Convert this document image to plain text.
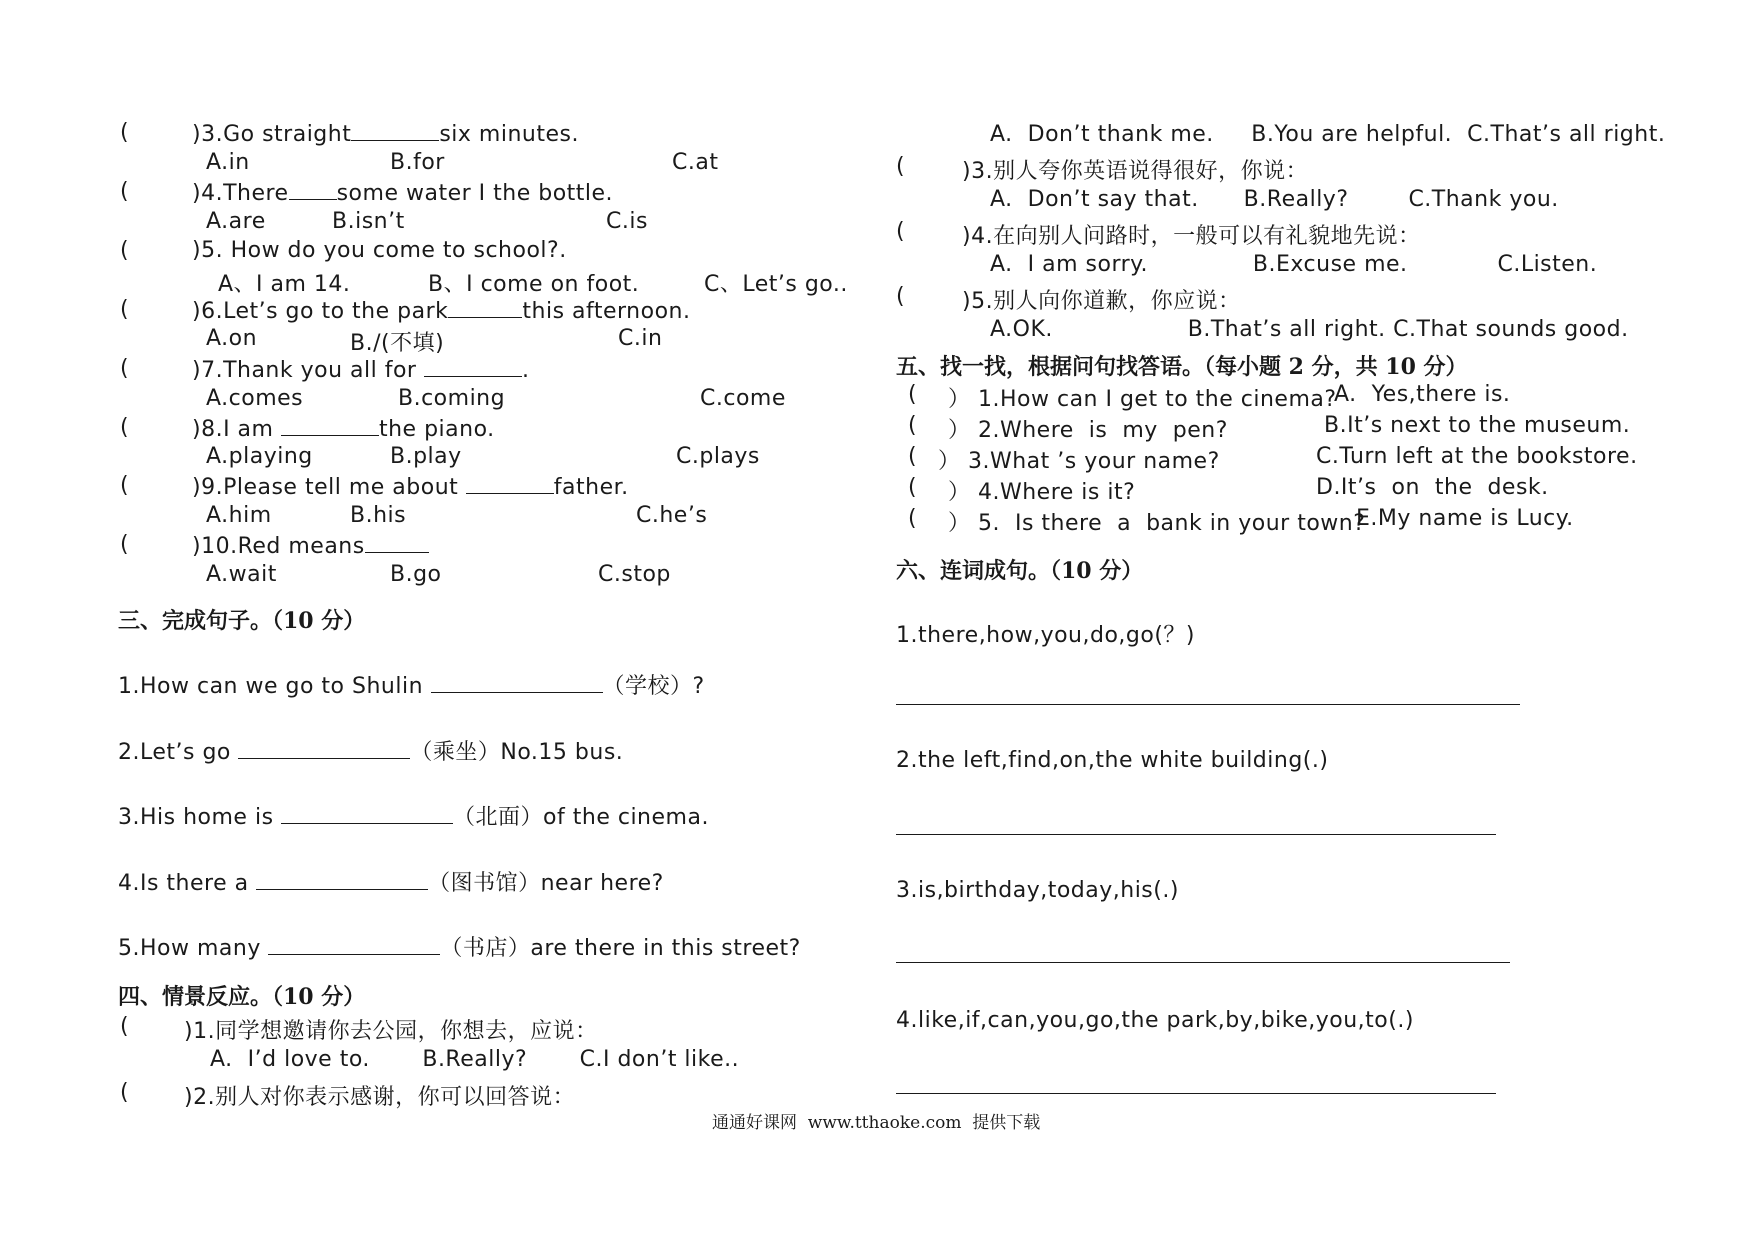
(	)3.Go straight	six minutes.
A.in	B.for	C.at
(	)4.There some water I the bottle.
A.are	B.isn’t	C.is
(	)5. How do you come to school?.
A、I am 14.	B、I come on foot.	C、Let’s go..
(	)6.Let’s go to the park	this afternoon.
A.on	B./(不填)	C.in
(	)7.Thank you all for	.
A.comes	B.coming	C.come
(	)8.I am	the piano.
A.playing	B.play	C.plays
(	)9.Please tell me about	father.
A.him	B.his	C.he’s
(	)10.Red means
A.wait	B.go	C.stop
三、完成句子。（10 分）
1.How can we go to Shulin	（学校）?
2.Let’s go	（乘坐）No.15 bus.
3.His home is	（北面）of the cinema.
4.Is there a	（图书馆）near here?
5.How many	（书店）are there in this street?
四、情景反应。（10 分）
(	)1.同学想邀请你去公园，你想去，应说：
A.  I’d love to.       B.Really?       C.I don’t like..
(	)2.别人对你表示感谢，你可以回答说：
A.  Don’t thank me.     B.You are helpful.  C.That’s all right.
(	)3.别人夸你英语说得很好，你说：
A.  Don’t say that.      B.Really?        C.Thank you.
(	)4.在向别人问路时，一般可以有礼貌地先说：
A.  I am sorry.              B.Excuse me.            C.Listen.
(	)5.别人向你道歉，你应说：
A.OK.                  B.That’s all right. C.That sounds good.
五、找一找，根据问句找答语。（每小题 2 分，共 10 分）
( ） 1.How can I get to the cinema?
A.  Yes,there is.
( ） 2.Where  is  my  pen?	B.It’s next to the museum.
( ） 3.What ’s your name?	C.Turn left at the bookstore.
( ） 4.Where is it?	D.It’s  on  the  desk.
( ） 5.  Is there  a  bank in your town?
E.My name is Lucy.
六、连词成句。（10 分）
1.there,how,you,do,go(？)
2.the left,find,on,the white building(.)
3.is,birthday,today,his(.)
4.like,if,can,you,go,the park,by,bike,you,to(.)
通通好课网  www.tthaoke.com  提供下载
